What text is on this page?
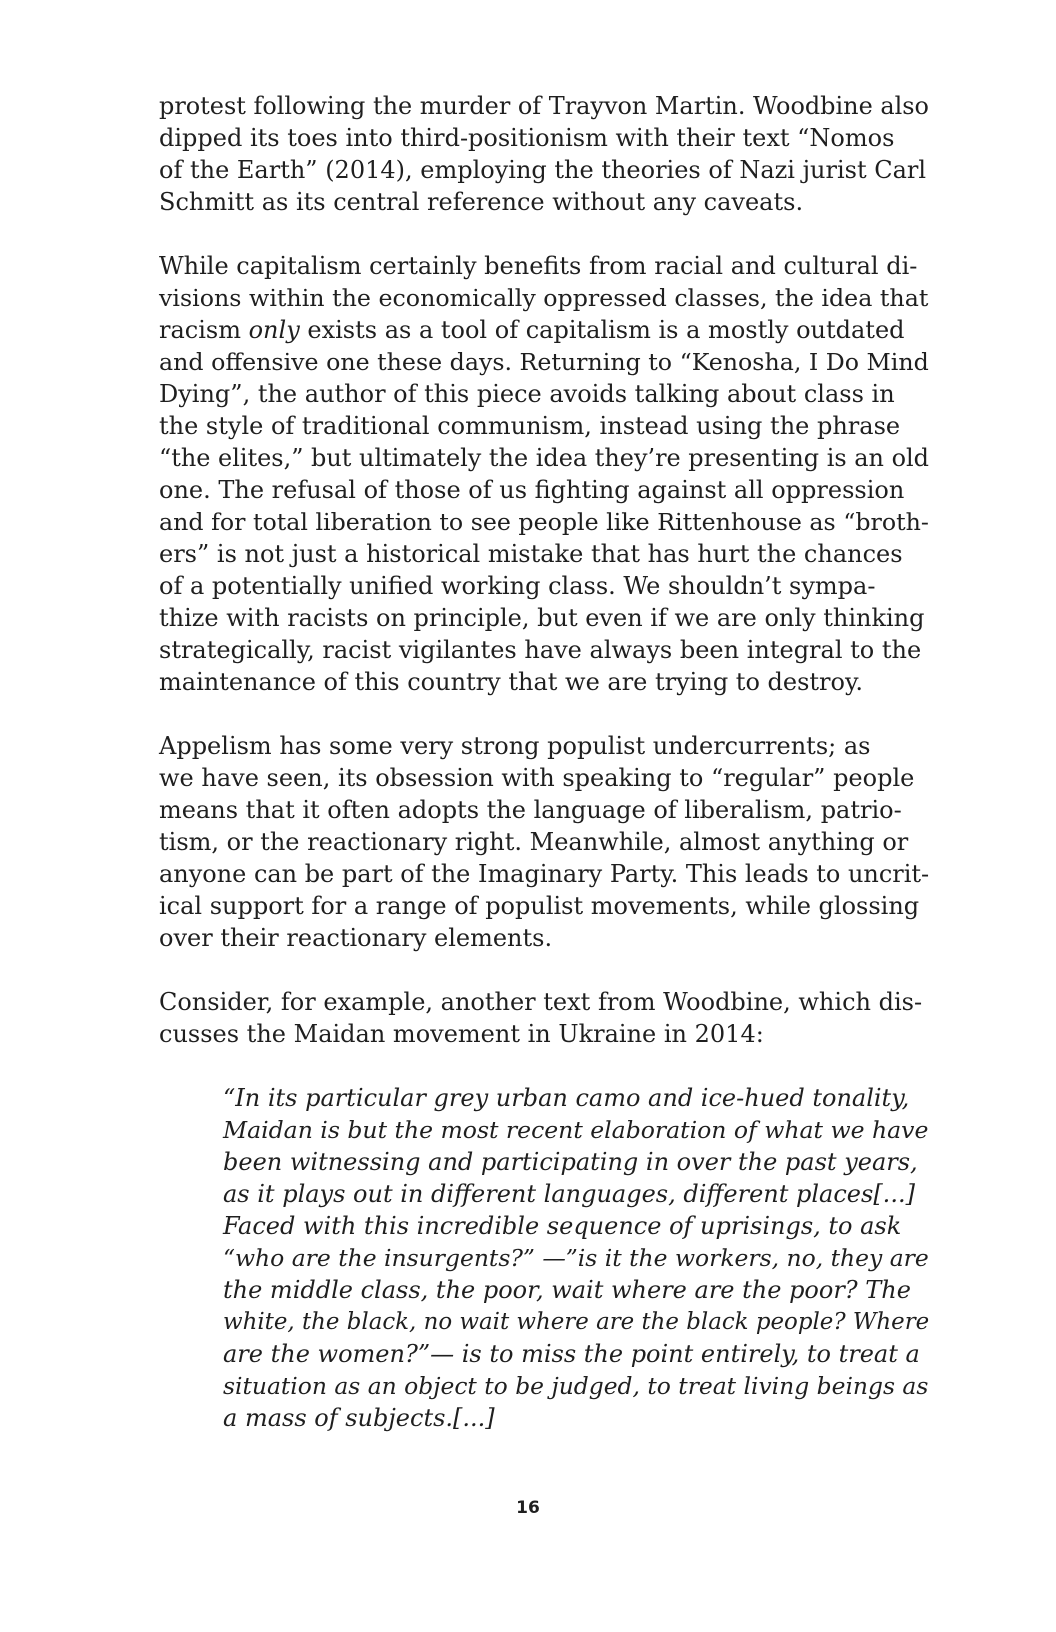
protest following the murder of Trayvon Martin. Woodbine also
dipped its toes into third-positionism with their text “Nomos
of the Earth” (2014), employing the theories of Nazi jurist Carl
Schmitt as its central reference without any caveats.
While capitalism certainly benefits from racial and cultural di-
visions within the economically oppressed classes, the idea that
racism only exists as a tool of capitalism is a mostly outdated
and offensive one these days. Returning to “Kenosha, I Do Mind
Dying”, the author of this piece avoids talking about class in
the style of traditional communism, instead using the phrase
“the elites,” but ultimately the idea they’re presenting is an old
one. The refusal of those of us fighting against all oppression
and for total liberation to see people like Rittenhouse as “broth-
ers” is not just a historical mistake that has hurt the chances
of a potentially unified working class. We shouldn’t sympa-
thize with racists on principle, but even if we are only thinking
strategically, racist vigilantes have always been integral to the
maintenance of this country that we are trying to destroy.
Appelism has some very strong populist undercurrents; as
we have seen, its obsession with speaking to “regular” people
means that it often adopts the language of liberalism, patrio-
tism, or the reactionary right. Meanwhile, almost anything or
anyone can be part of the Imaginary Party. This leads to uncrit-
ical support for a range of populist movements, while glossing
over their reactionary elements.
Consider, for example, another text from Woodbine, which dis-
cusses the Maidan movement in Ukraine in 2014:
“In its particular grey urban camo and ice-hued tonality,
Maidan is but the most recent elaboration of what we have
been witnessing and participating in over the past years,
as it plays out in different languages, different places[...]
Faced with this incredible sequence of uprisings, to ask
“who are the insurgents?” —”is it the workers, no, they are
the middle class, the poor, wait where are the poor? The
white, the black, no wait where are the black people? Where
are the women?”— is to miss the point entirely, to treat a
situation as an object to be judged, to treat living beings as
a mass of subjects.[...]
16
